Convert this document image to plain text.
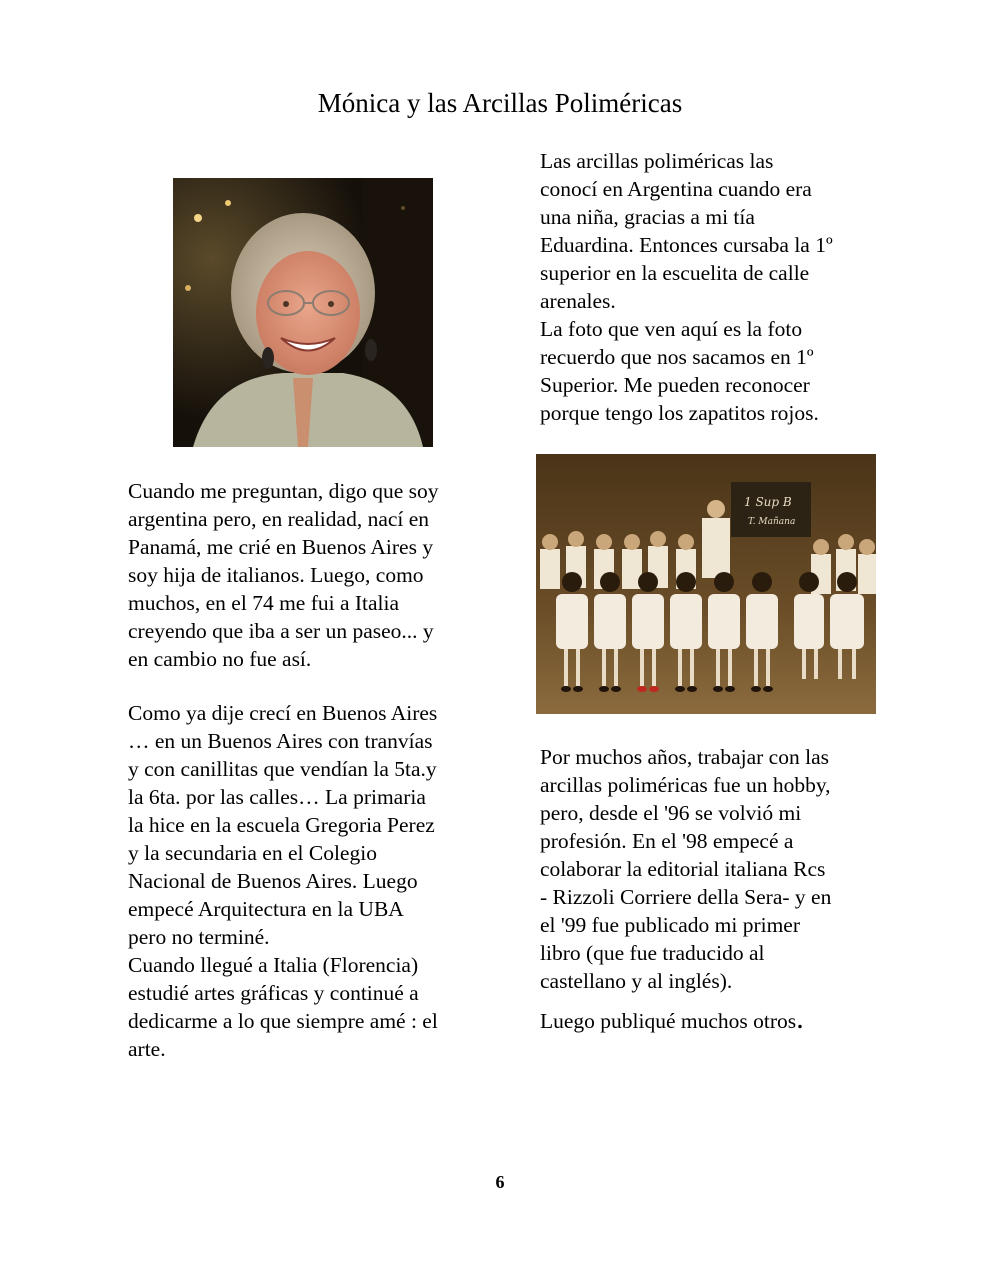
Mónica y las Arcillas Poliméricas

Las arcillas poliméricas las
conocí en Argentina cuando era
una niña, gracias a mi tía
Eduardina. Entonces cursaba la 1º
superior en la escuelita de calle
arenales.
La foto que ven aquí es la foto
recuerdo que nos sacamos en 1º
Superior. Me pueden reconocer
porque tengo los zapatitos rojos.

1 Sup B
T. Mañana

Cuando me preguntan, digo que soy
argentina pero, en realidad, nací en
Panamá, me crié en Buenos Aires y
soy hija de italianos. Luego, como
muchos, en el 74 me fui a Italia
creyendo que iba a ser un paseo... y
en cambio no fue así.

Como ya dije crecí en Buenos Aires
… en un Buenos Aires con tranvías
y con canillitas que vendían la 5ta.y
la 6ta. por las calles… La primaria
la hice en la escuela Gregoria Perez
y la secundaria en el Colegio
Nacional de Buenos Aires. Luego
empecé Arquitectura en la UBA
pero no terminé.
Cuando llegué a Italia (Florencia)
estudié artes gráficas y continué a
dedicarme a lo que siempre amé : el
arte.

Por muchos años, trabajar con las
arcillas poliméricas fue un hobby,
pero, desde el '96 se volvió mi
profesión. En el '98 empecé a
colaborar la editorial italiana Rcs
- Rizzoli Corriere della Sera- y en
el '99 fue publicado mi primer
libro (que fue traducido al
castellano y al inglés).

Luego publiqué muchos otros.

6
